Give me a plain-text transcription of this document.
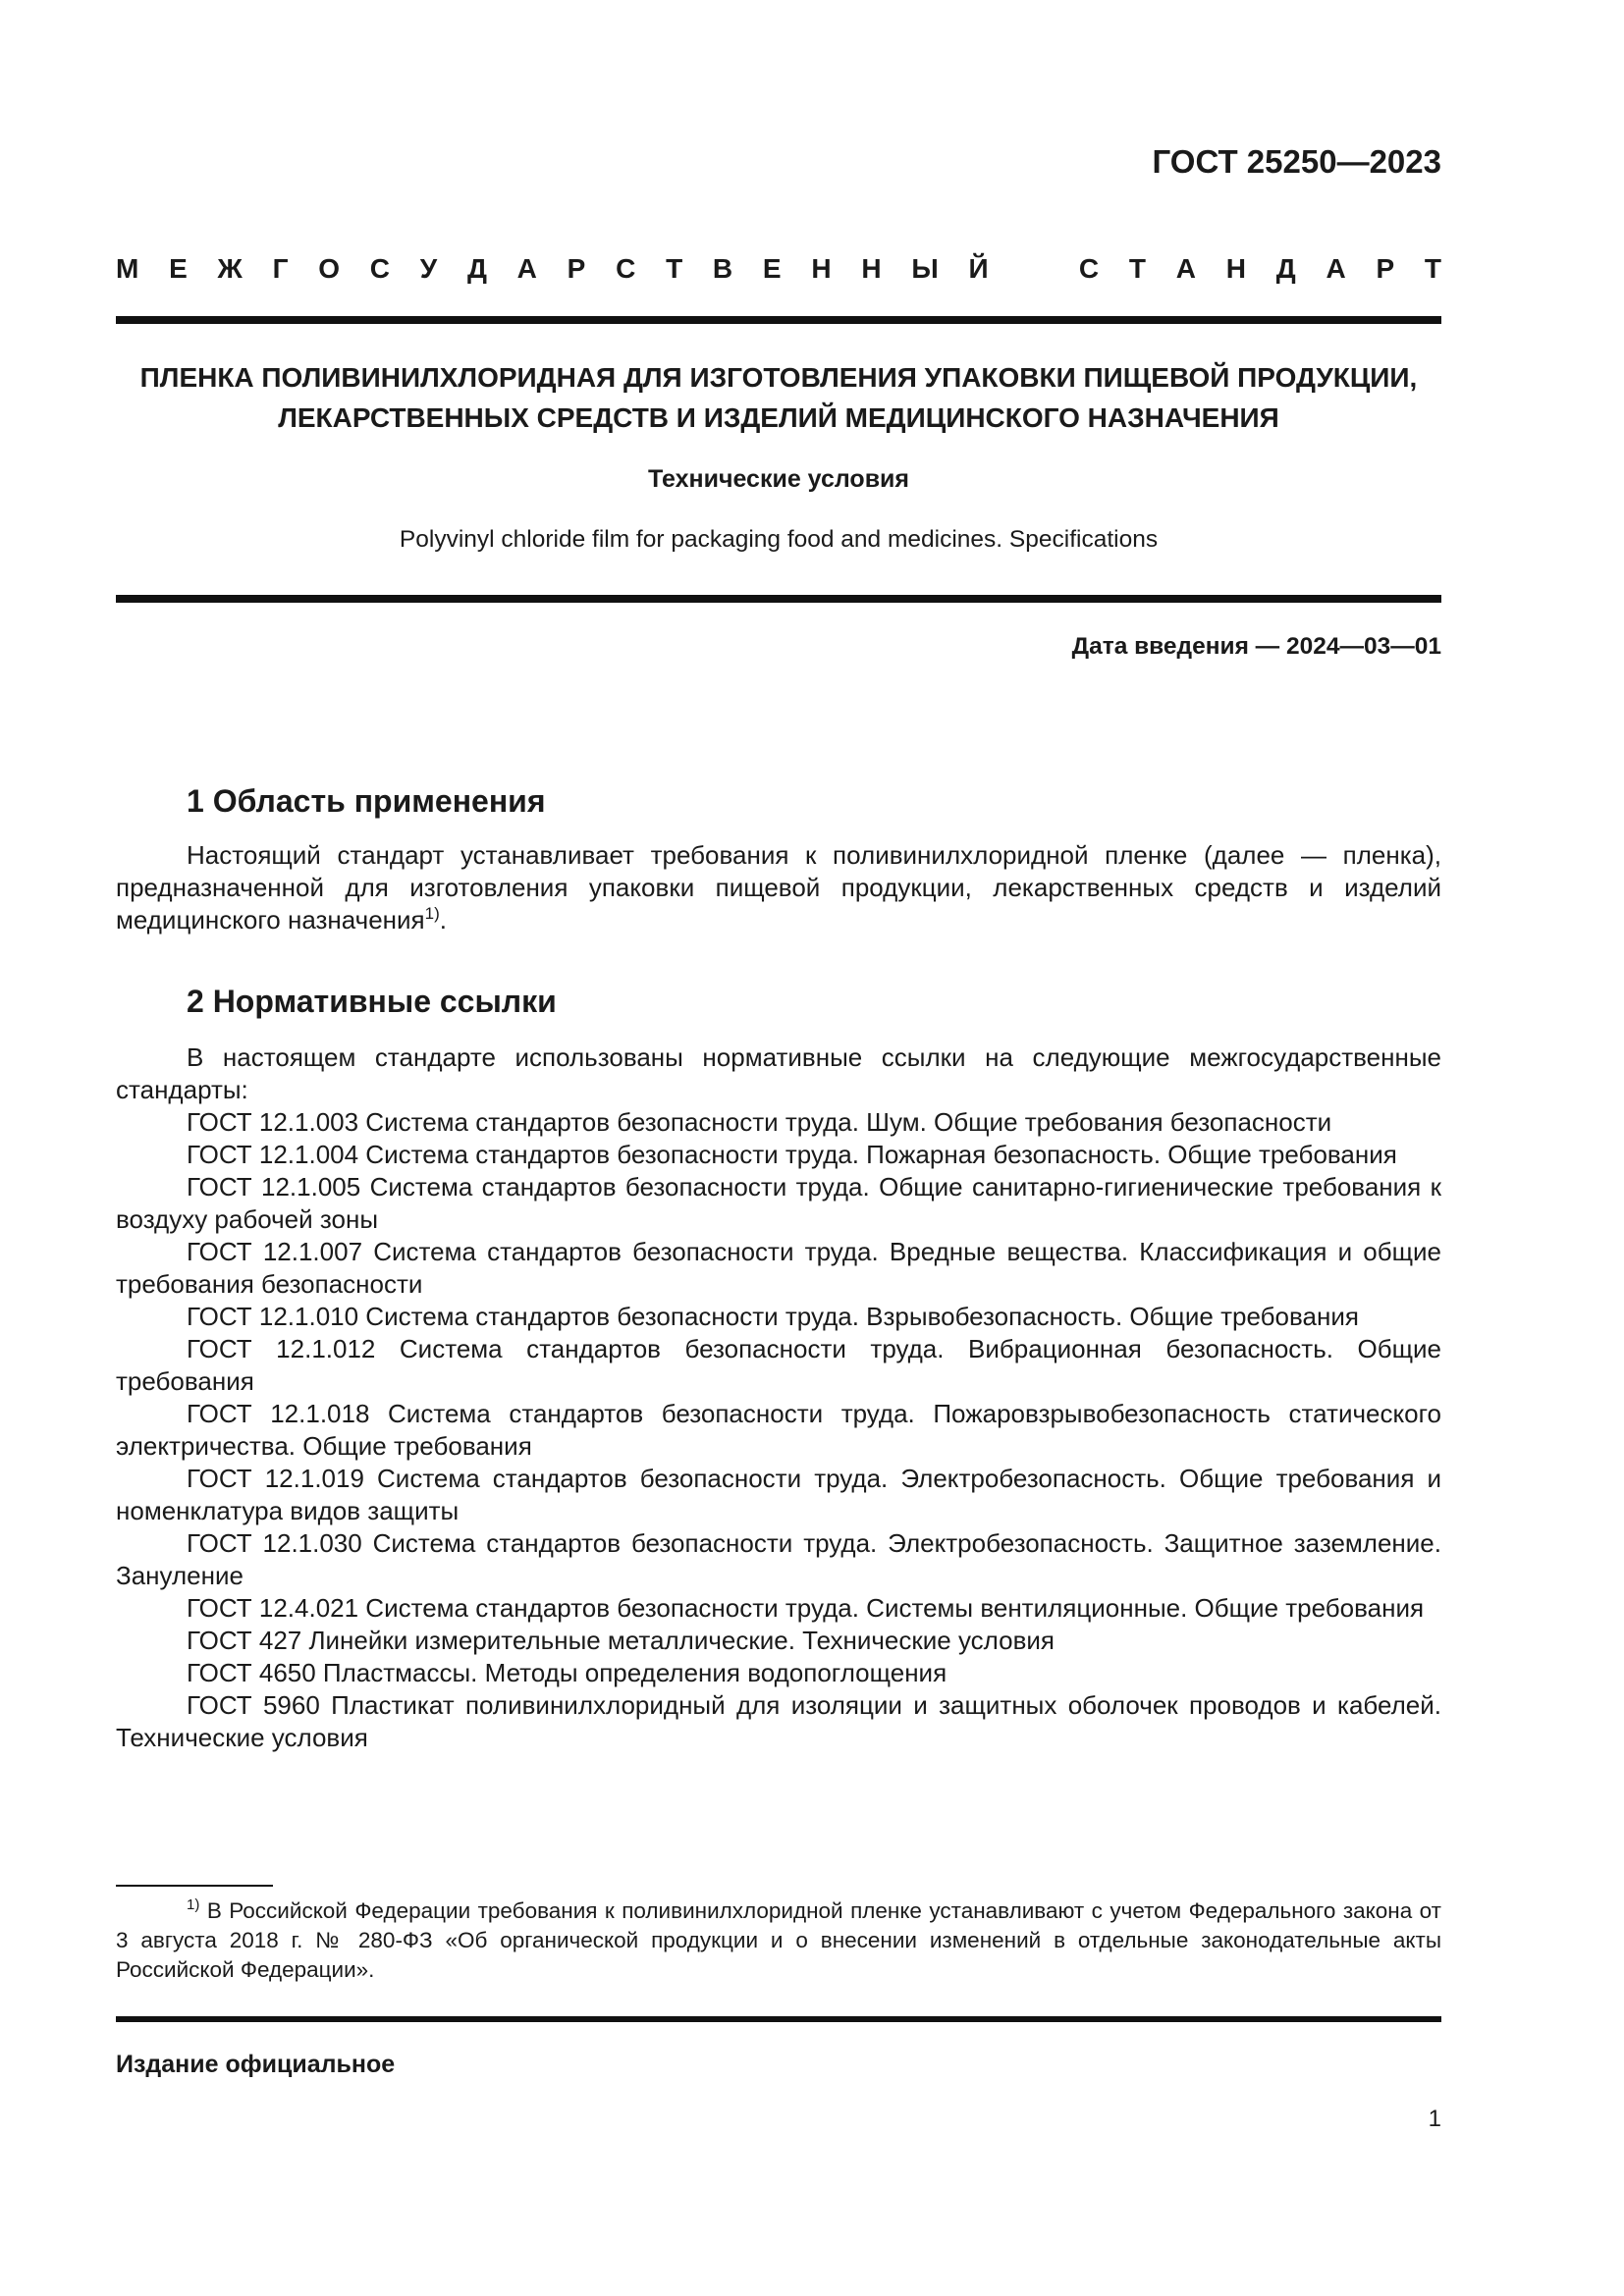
ГОСТ 25250—2023
М Е Ж Г О С У Д А Р С Т В Е Н Н Ы Й   С Т А Н Д А Р Т
ПЛЕНКА ПОЛИВИНИЛХЛОРИДНАЯ ДЛЯ ИЗГОТОВЛЕНИЯ УПАКОВКИ ПИЩЕВОЙ ПРОДУКЦИИ,
ЛЕКАРСТВЕННЫХ СРЕДСТВ И ИЗДЕЛИЙ МЕДИЦИНСКОГО НАЗНАЧЕНИЯ
Технические условия
Polyvinyl chloride film for packaging food and medicines. Specifications
Дата введения — 2024—03—01
1 Область применения

Настоящий стандарт устанавливает требования к поливинилхлоридной пленке (далее — пленка), предназначенной для изготовления упаковки пищевой продукции, лекарственных средств и изделий медицинского назначения$^{1)}$.

2 Нормативные ссылки

В настоящем стандарте использованы нормативные ссылки на следующие межгосударственные стандарты:

ГОСТ 12.1.003 Система стандартов безопасности труда. Шум. Общие требования безопасности

ГОСТ 12.1.004 Система стандартов безопасности труда. Пожарная безопасность. Общие требования

ГОСТ 12.1.005 Система стандартов безопасности труда. Общие санитарно-гигиенические требования к воздуху рабочей зоны

ГОСТ 12.1.007 Система стандартов безопасности труда. Вредные вещества. Классификация и общие требования безопасности

ГОСТ 12.1.010 Система стандартов безопасности труда. Взрывобезопасность. Общие требования

ГОСТ 12.1.012 Система стандартов безопасности труда. Вибрационная безопасность. Общие требования

ГОСТ 12.1.018 Система стандартов безопасности труда. Пожаровзрывобезопасность статического электричества. Общие требования

ГОСТ 12.1.019 Система стандартов безопасности труда. Электробезопасность. Общие требования и номенклатура видов защиты

ГОСТ 12.1.030 Система стандартов безопасности труда. Электробезопасность. Защитное заземление. Зануление

ГОСТ 12.4.021 Система стандартов безопасности труда. Системы вентиляционные. Общие требования

ГОСТ 427 Линейки измерительные металлические. Технические условия

ГОСТ 4650 Пластмассы. Методы определения водопоглощения

ГОСТ 5960 Пластикат поливинилхлоридный для изоляции и защитных оболочек проводов и кабелей. Технические условия

$^{1)}$ В Российской Федерации требования к поливинилхлоридной пленке устанавливают с учетом Федерального закона от 3 августа 2018 г. № 280-ФЗ «Об органической продукции и о внесении изменений в отдельные законодательные акты Российской Федерации».

Издание официальное
1
